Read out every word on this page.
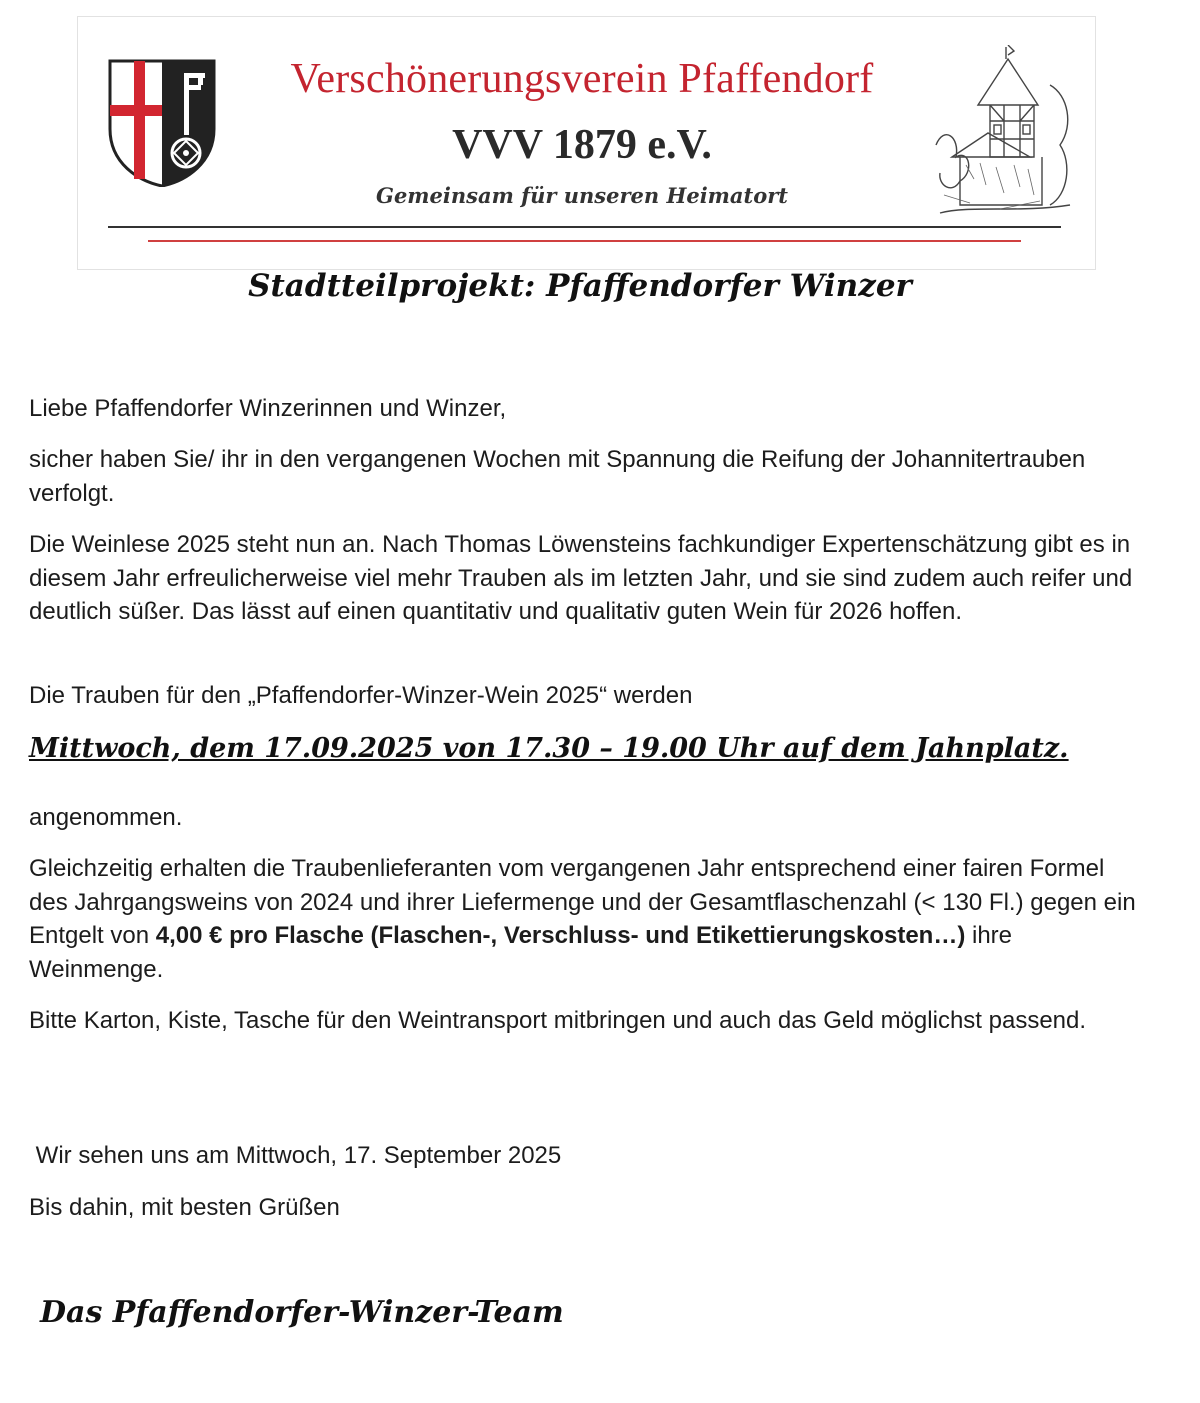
Verschönerungsverein Pfaffendorf
VVV 1879 e.V.
Gemeinsam für unseren Heimatort
Stadtteilprojekt: Pfaffendorfer Winzer

Liebe Pfaffendorfer Winzerinnen und Winzer,

sicher haben Sie/ ihr in den vergangenen Wochen mit Spannung die Reifung der Johannitertrauben verfolgt.

Die Weinlese 2025 steht nun an. Nach Thomas Löwensteins fachkundiger Expertenschätzung gibt es in diesem Jahr erfreulicherweise viel mehr Trauben als im letzten Jahr, und sie sind zudem auch reifer und deutlich süßer. Das lässt auf einen quantitativ und qualitativ guten Wein für 2026 hoffen.

Die Trauben für den „Pfaffendorfer-Winzer-Wein 2025“ werden

Mittwoch, dem 17.09.2025 von 17.30 – 19.00 Uhr auf dem Jahnplatz.

angenommen.

Gleichzeitig erhalten die Traubenlieferanten vom vergangenen Jahr entsprechend einer fairen Formel des Jahrgangsweins von 2024 und ihrer Liefermenge und der Gesamtflaschenzahl (< 130 Fl.) gegen ein Entgelt von 4,00 € pro Flasche (Flaschen-, Verschluss- und Etikettierungskosten…) ihre Weinmenge.

Bitte Karton, Kiste, Tasche für den Weintransport mitbringen und auch das Geld möglichst passend.

Wir sehen uns am Mittwoch, 17. September 2025

Bis dahin, mit besten Grüßen

Das Pfaffendorfer-Winzer-Team
